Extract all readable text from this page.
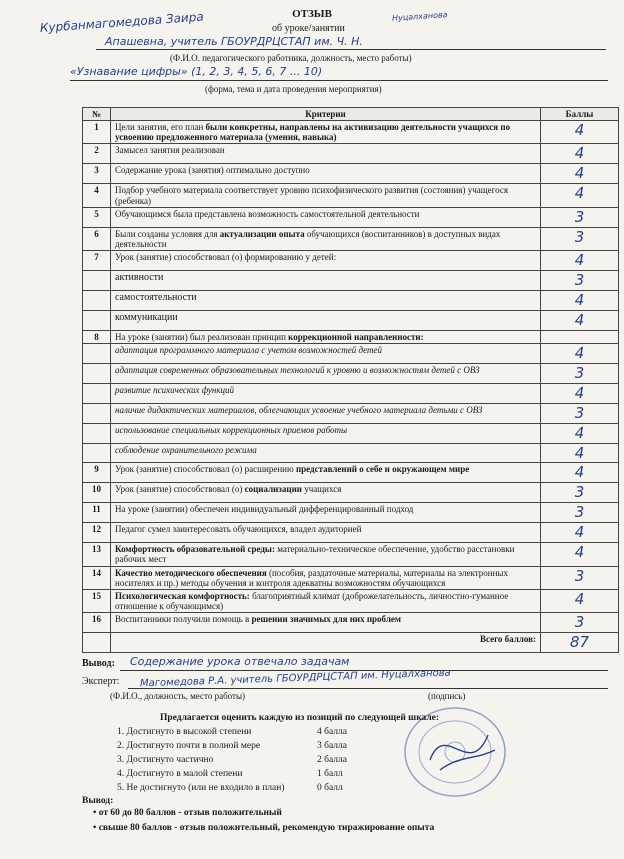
ОТЗЫВ
об уроке/занятии
Курбанмагомедова Заира	Нуцалханова
Апашевна, учитель ГБОУРДРЦСТАП им. Ч. Н.
(Ф.И.О. педагогического работника, должность, место работы)
«Узнавание цифры» (1, 2, 3, 4, 5, 6, 7 ... 10)
(форма, тема и дата проведения мероприятия)
№	Критерии	Баллы
1	Цели занятия, его план были конкретны, направлены на активизацию деятельности учащихся по усвоению предложенного материала (умения, навыка)	4
2	Замысел занятия реализован	4
3	Содержание урока (занятия) оптимально доступно	4
4	Подбор учебного материала соответствует уровню психофизического развития (состояния) учащегося (ребенка)	4
5	Обучающимся была представлена возможность самостоятельной деятельности	3
6	Были созданы условия для актуализации опыта обучающихся (воспитанников) в доступных видах деятельности	3
7	Урок (занятие) способствовал (о) формированию у детей:	4
	активности	3
	самостоятельности	4
	коммуникации	4
8	На уроке (занятии) был реализован принцип коррекционной направленности:	
	адаптация программного материала с учетом возможностей детей	4
	адаптация современных образовательных технологий к уровню и возможностям детей с ОВЗ	3
	развитие психических функций	4
	наличие дидактических материалов, облегчающих усвоение учебного материала детьми с ОВЗ	3
	использование специальных коррекционных приемов работы	4
	соблюдение охранительного режима	4
9	Урок (занятие) способствовал (о) расширению представлений о себе и окружающем мире	4
10	Урок (занятие) способствовал (о) социализации учащихся	3
11	На уроке (занятии) обеспечен индивидуальный дифференцированный подход	3
12	Педагог сумел заинтересовать обучающихся, владел аудиторией	4
13	Комфортность образовательной среды: материально-техническое обеспечение, удобство расстановки рабочих мест	4
14	Качество методического обеспечения (пособия, раздаточные материалы, материалы на электронных носителях и пр.) методы обучения и контроля адекватны возможностям обучающихся	3
15	Психологическая комфортность: благоприятный климат (доброжелательность, личностно-гуманное отношение к обучающимся)	4
16	Воспитанники получили помощь в решении значимых для них проблем	3
	Всего баллов:	87
Вывод: Содержание урока отвечало задачам
Эксперт: Магомедова Р.А. учитель ГБОУРДРЦСТАП им. Нуцалханова
(Ф.И.О., должность, место работы)	(подпись)
Предлагается оценить каждую из позиций по следующей шкале:
1. Достигнуто в высокой степени	4 балла
2. Достигнуто почти в полной мере	3 балла
3. Достигнуто частично	2 балла
4. Достигнуто в малой степени	1 балл
5. Не достигнуто (или не входило в план)	0 балл
Вывод:
• от 60 до 80 баллов - отзыв положительный
• свыше 80 баллов - отзыв положительный, рекомендую тиражирование опыта
